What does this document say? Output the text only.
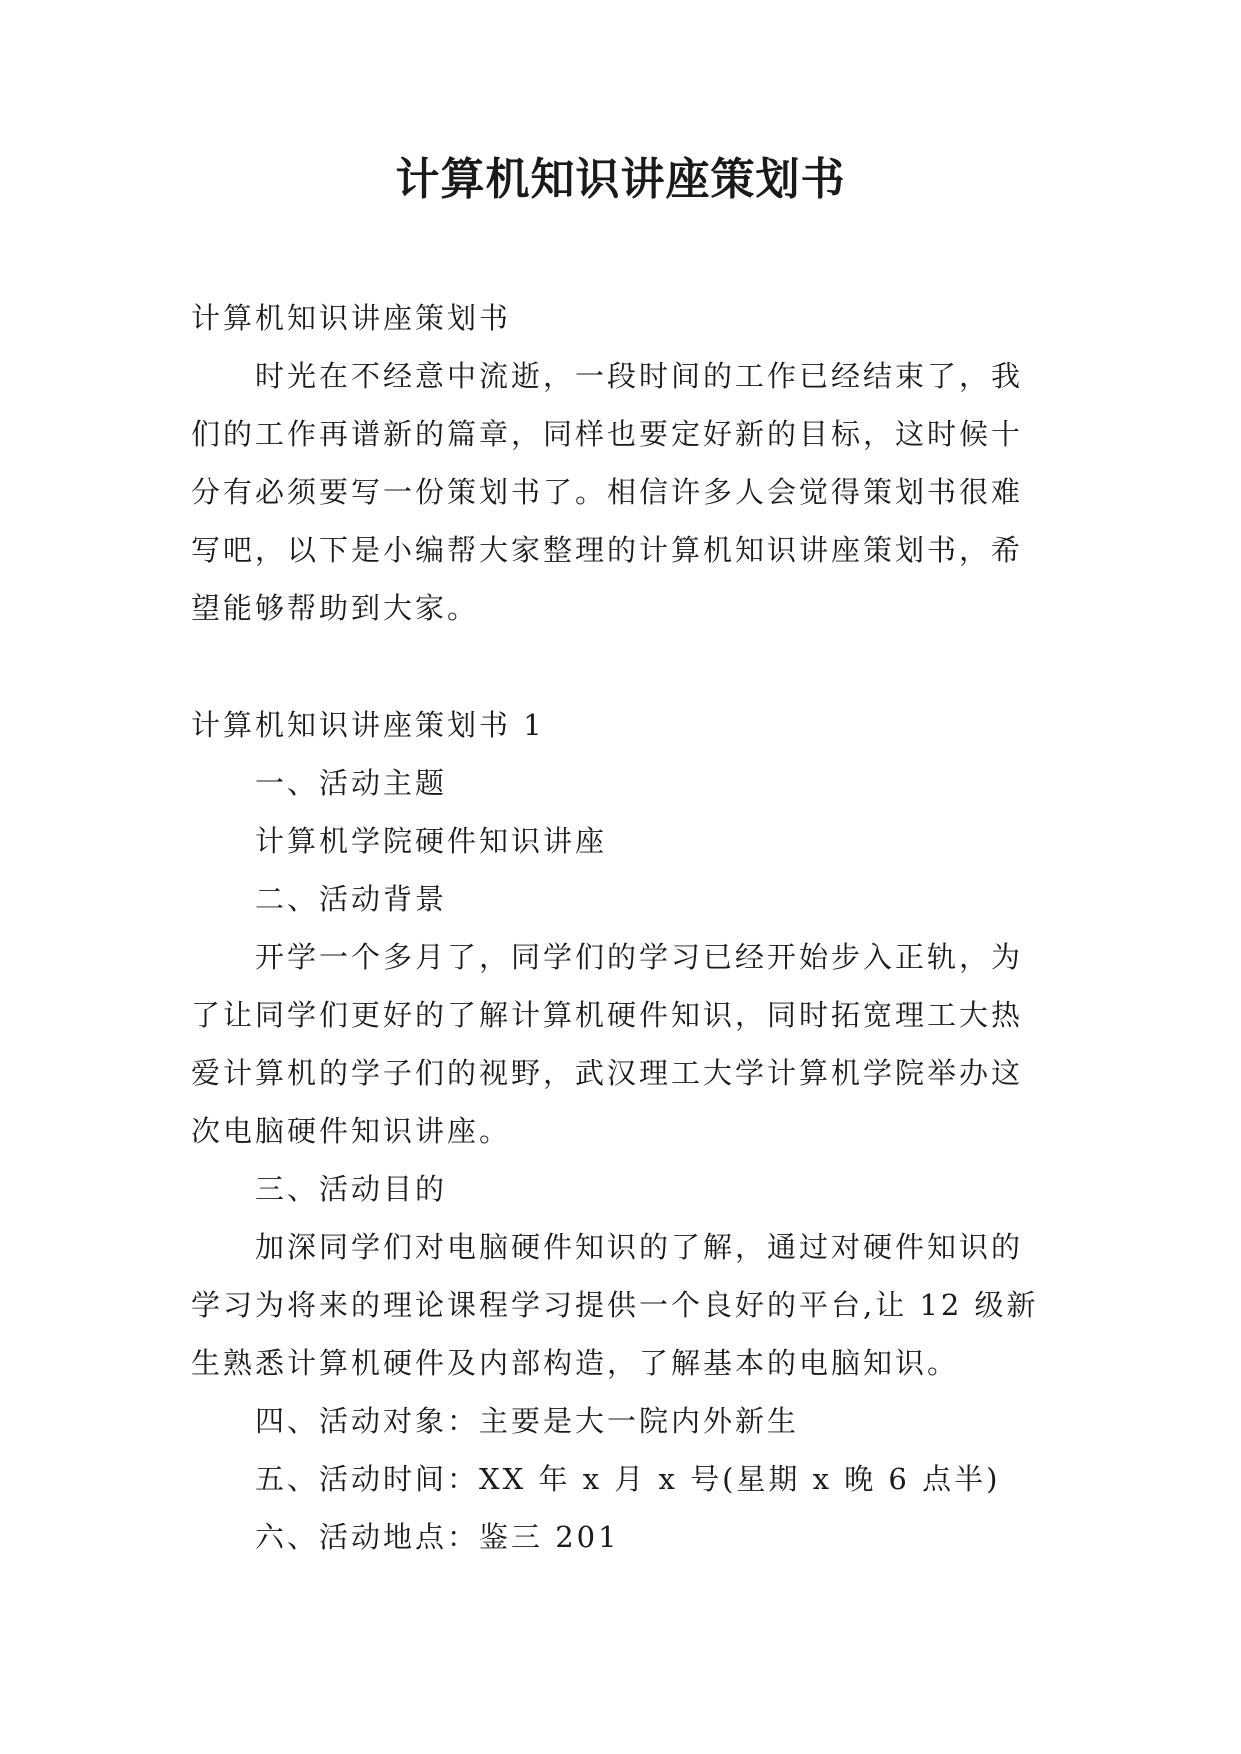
计算机知识讲座策划书

计算机知识讲座策划书

时光在不经意中流逝，一段时间的工作已经结束了，我们的工作再谱新的篇章，同样也要定好新的目标，这时候十分有必须要写一份策划书了。相信许多人会觉得策划书很难写吧，以下是小编帮大家整理的计算机知识讲座策划书，希望能够帮助到大家。

计算机知识讲座策划书 1

一、活动主题

计算机学院硬件知识讲座

二、活动背景

开学一个多月了，同学们的学习已经开始步入正轨，为了让同学们更好的了解计算机硬件知识，同时拓宽理工大热爱计算机的学子们的视野，武汉理工大学计算机学院举办这次电脑硬件知识讲座。

三、活动目的

加深同学们对电脑硬件知识的了解，通过对硬件知识的学习为将来的理论课程学习提供一个良好的平台,让 12 级新生熟悉计算机硬件及内部构造，了解基本的电脑知识。

四、活动对象：主要是大一院内外新生

五、活动时间：XX 年 x 月 x 号(星期 x 晚 6 点半)

六、活动地点：鉴三 201
